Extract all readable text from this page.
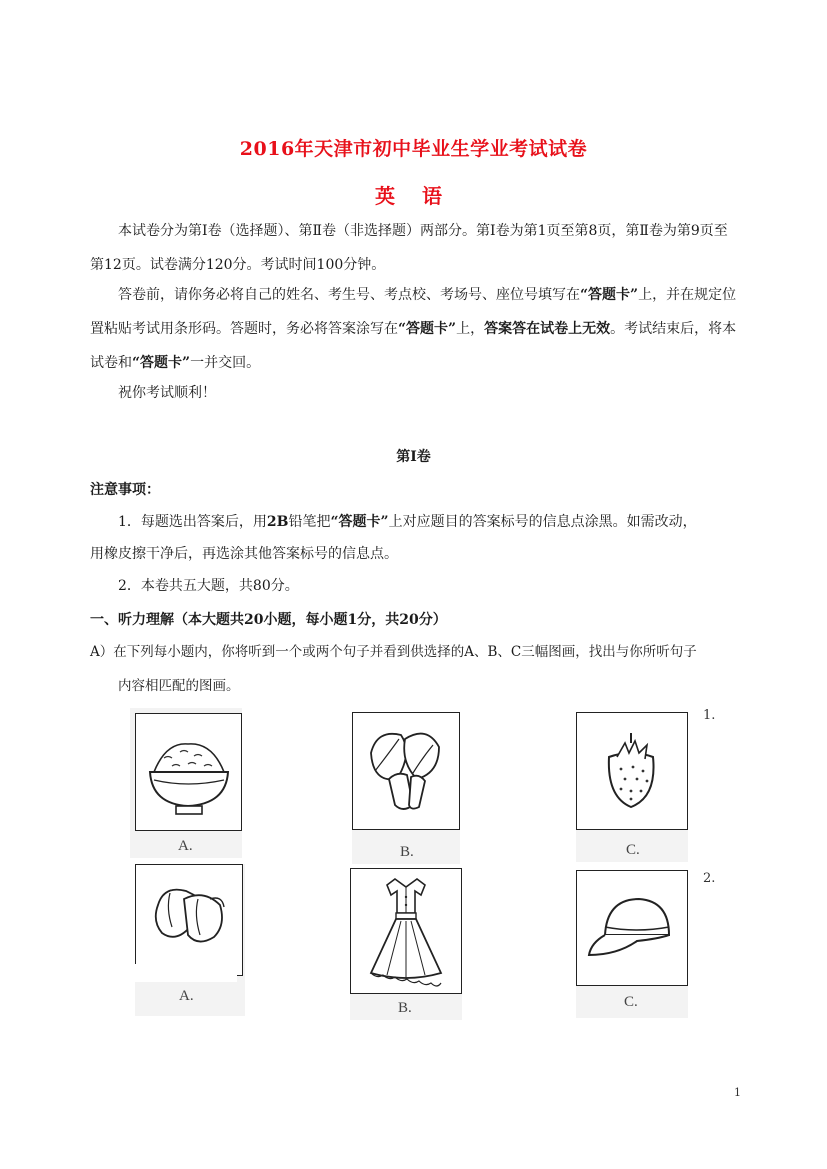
2016年天津市初中毕业生学业考试试卷
英 语
本试卷分为第Ⅰ卷（选择题）、第Ⅱ卷（非选择题）两部分。第Ⅰ卷为第1页至第8页，第Ⅱ卷为第9页至第12页。试卷满分120分。考试时间100分钟。
答卷前，请你务必将自己的姓名、考生号、考点校、考场号、座位号填写在“答题卡”上，并在规定位置粘贴考试用条形码。答题时，务必将答案涂写在“答题卡”上，答案答在试卷上无效。考试结束后，将本试卷和“答题卡”一并交回。
祝你考试顺利！
第Ⅰ卷
注意事项：
1．每题选出答案后，用2B铅笔把“答题卡”上对应题目的答案标号的信息点涂黑。如需改动，
用橡皮擦干净后，再选涂其他答案标号的信息点。
2．本卷共五大题，共80分。
一、听力理解（本大题共20小题，每小题1分，共20分）
A）在下列每小题内，你将听到一个或两个句子并看到供选择的A、B、C三幅图画，找出与你所听句子
内容相匹配的图画。
1.
A.	B.	C.
2.
A.
B.	C.
1
